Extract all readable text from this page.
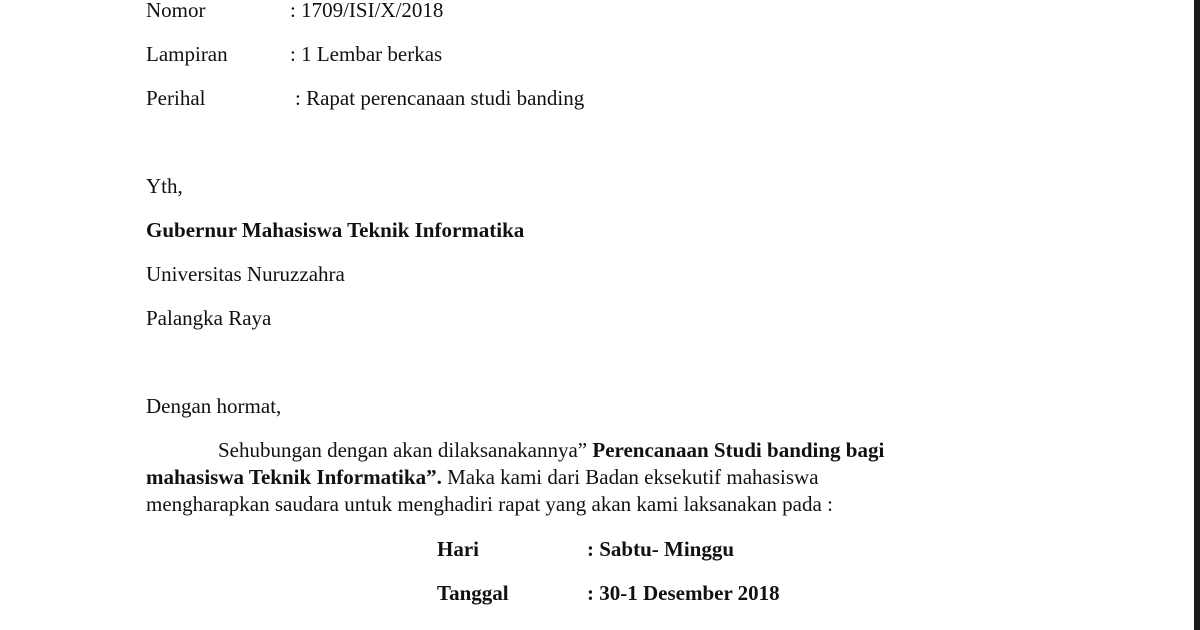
Nomor	: 1709/ISI/X/2018
Lampiran	: 1 Lembar berkas
Perihal	: Rapat perencanaan studi banding
Yth,
Gubernur Mahasiswa Teknik Informatika
Universitas Nuruzzahra
Palangka Raya
Dengan hormat,
Sehubungan dengan akan dilaksanakannya” Perencanaan Studi banding bagi
mahasiswa Teknik Informatika”. Maka kami dari Badan eksekutif mahasiswa
mengharapkan saudara untuk menghadiri rapat yang akan kami laksanakan pada :
Hari	: Sabtu- Minggu
Tanggal	: 30-1 Desember 2018
